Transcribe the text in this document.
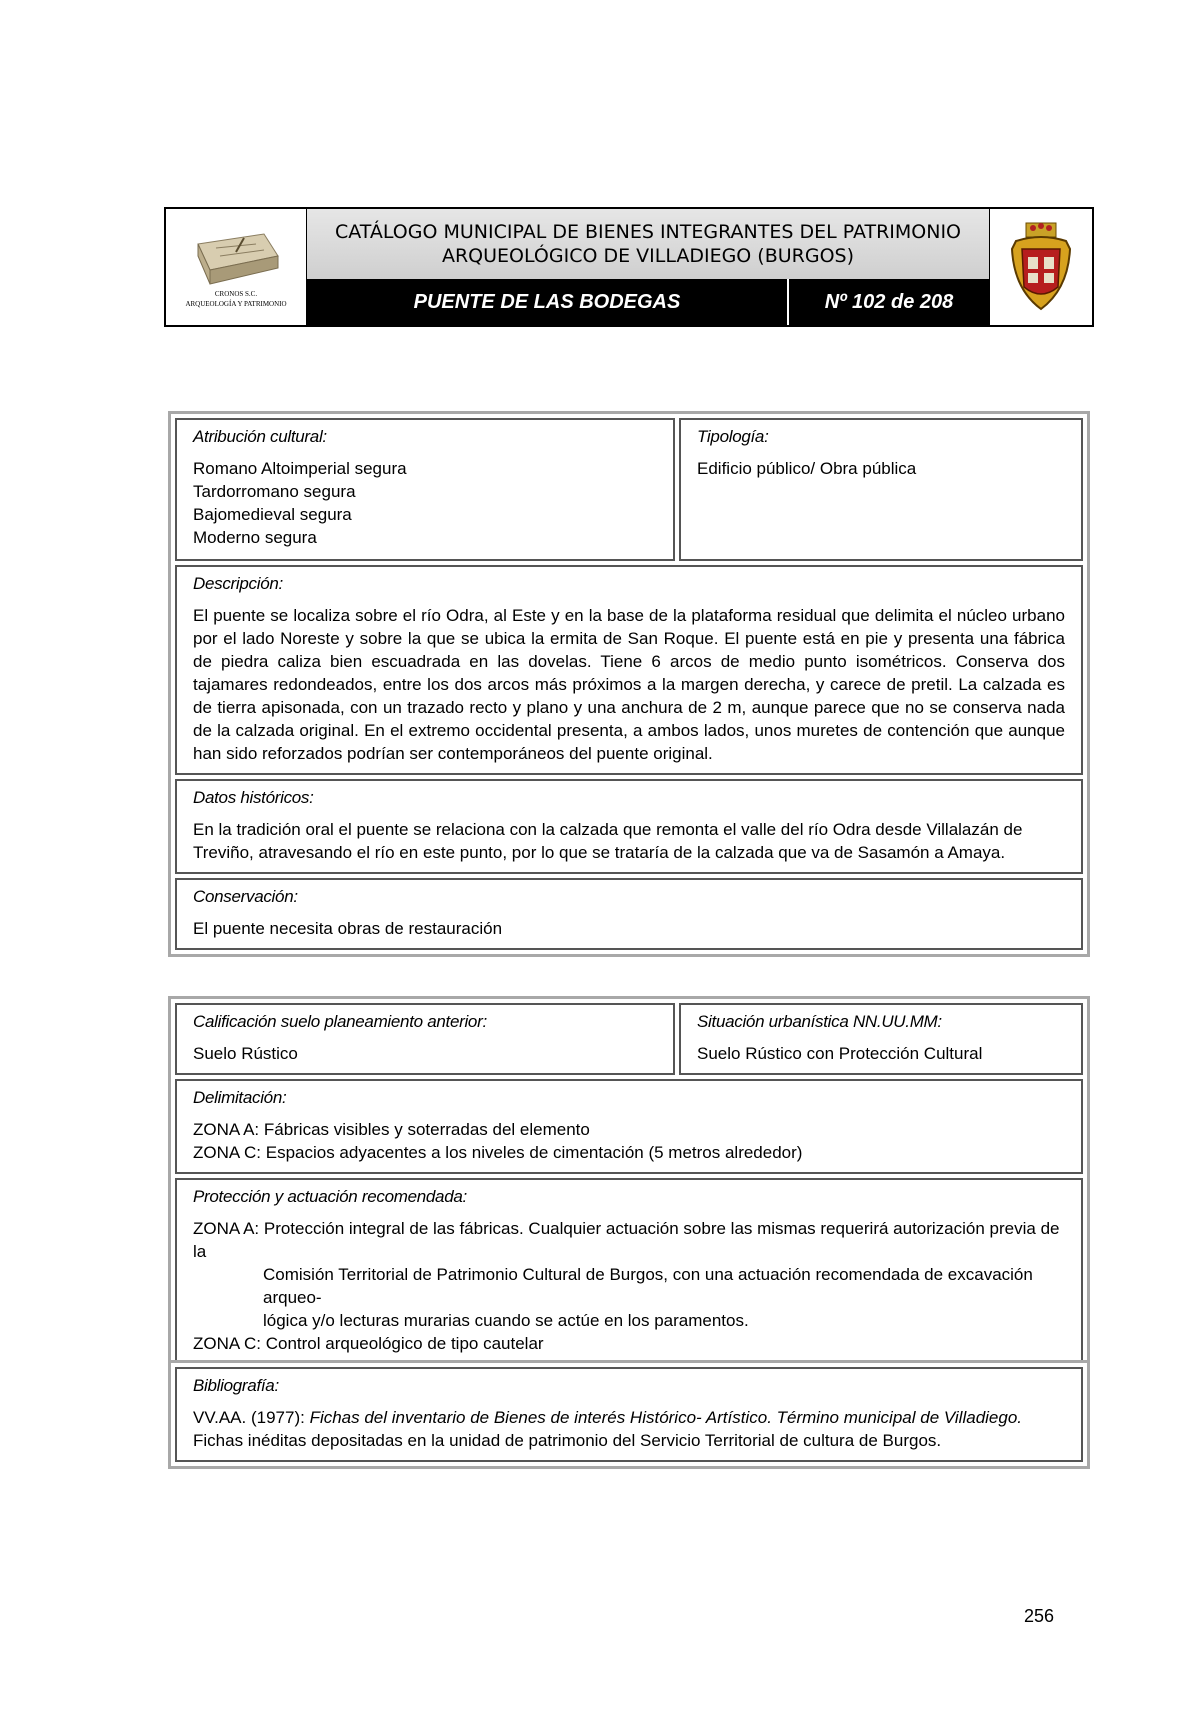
CRONOS S.C.
ARQUEOLOGÍA Y PATRIMONIO
CATÁLOGO MUNICIPAL DE BIENES INTEGRANTES DEL PATRIMONIO
ARQUEOLÓGICO DE VILLADIEGO (BURGOS)
PUENTE DE LAS BODEGAS	Nº 102 de 208
Atribución cultural:

Romano Altoimperial segura

Tardorromano segura

Bajomedieval segura

Moderno segura

Tipología:

Edificio público/ Obra pública

Descripción:

El puente se localiza sobre el río Odra, al Este y en la base de la plataforma residual que delimita el núcleo urbano por el lado Noreste y sobre la que se ubica la ermita de San Roque. El puente está en pie y presenta una fábrica de piedra caliza bien escuadrada en las dovelas. Tiene 6 arcos de medio punto isométricos. Conserva dos tajamares redondeados, entre los dos arcos más próximos a la margen derecha, y carece de pretil. La calzada es de tierra apisonada, con un trazado recto y plano y una anchura de 2 m, aunque parece que no se conserva nada de la calzada original. En el extremo occidental presenta, a ambos lados, unos muretes de contención que aunque han sido reforzados podrían ser contemporáneos del puente original.

Datos históricos:

En la tradición oral el puente se relaciona con la calzada que remonta el valle del río Odra desde Villalazán de Treviño, atravesando el río en este punto, por lo que se trataría de la calzada que va de Sasamón a Amaya.

Conservación:

El puente necesita obras de restauración

Calificación suelo planeamiento anterior:

Suelo Rústico

Situación urbanística NN.UU.MM:

Suelo Rústico con Protección Cultural

Delimitación:

ZONA A: Fábricas visibles y soterradas del elemento

ZONA C: Espacios adyacentes a los niveles de cimentación (5 metros alrededor)

Protección y actuación recomendada:

ZONA A: Protección integral de las fábricas. Cualquier actuación sobre las mismas requerirá autorización previa de la

Comisión Territorial de Patrimonio Cultural de Burgos, con una actuación recomendada de excavación arqueo-

lógica y/o lecturas murarias cuando se actúe en los paramentos.

ZONA C: Control arqueológico de tipo cautelar

Bibliografía:

VV.AA. (1977): Fichas del inventario de Bienes de interés Histórico- Artístico. Término municipal de Villadiego. Fichas inéditas depositadas en la unidad de patrimonio del Servicio Territorial de cultura de Burgos.

256
